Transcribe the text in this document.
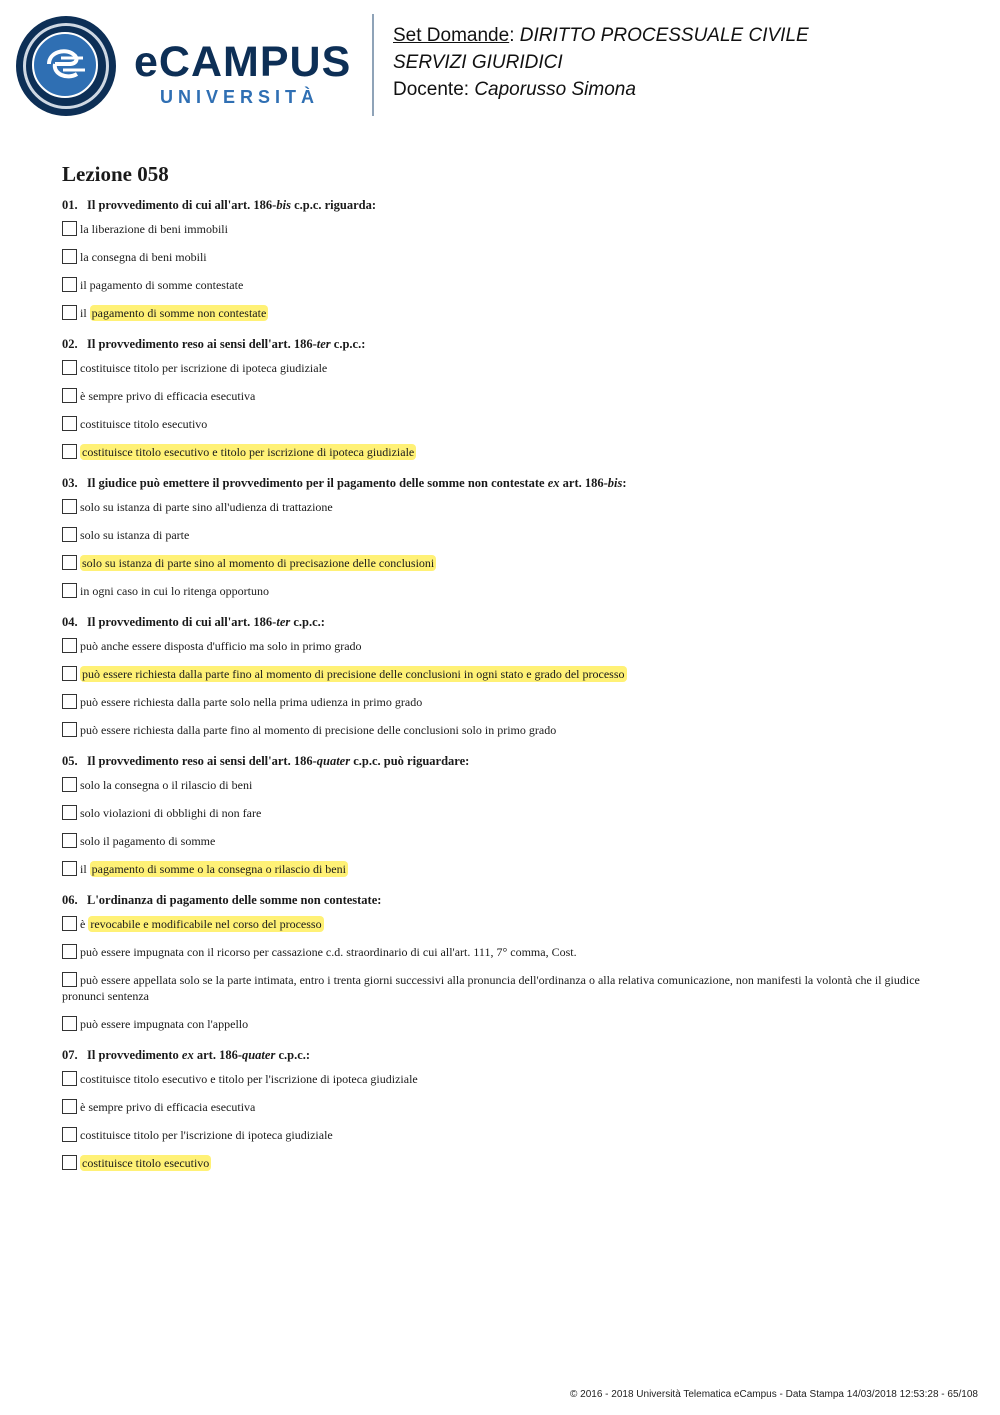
eCAMPUS
UNIVERSITÀ
Set Domande: DIRITTO PROCESSUALE CIVILE
SERVIZI GIURIDICI
Docente: Caporusso Simona
Lezione 058
01. Il provvedimento di cui all'art. 186-bis c.p.c. riguarda:
la liberazione di beni immobili
la consegna di beni mobili
il pagamento di somme contestate
il pagamento di somme non contestate
02. Il provvedimento reso ai sensi dell'art. 186-ter c.p.c.:
costituisce titolo per iscrizione di ipoteca giudiziale
è sempre privo di efficacia esecutiva
costituisce titolo esecutivo
costituisce titolo esecutivo e titolo per iscrizione di ipoteca giudiziale
03. Il giudice può emettere il provvedimento per il pagamento delle somme non contestate ex art. 186-bis:
solo su istanza di parte sino all'udienza di trattazione
solo su istanza di parte
solo su istanza di parte sino al momento di precisazione delle conclusioni
in ogni caso in cui lo ritenga opportuno
04. Il provvedimento di cui all'art. 186-ter c.p.c.:
può anche essere disposta d'ufficio ma solo in primo grado
può essere richiesta dalla parte fino al momento di precisione delle conclusioni in ogni stato e grado del processo
può essere richiesta dalla parte solo nella prima udienza in primo grado
può essere richiesta dalla parte fino al momento di precisione delle conclusioni solo in primo grado
05. Il provvedimento reso ai sensi dell'art. 186-quater c.p.c. può riguardare:
solo la consegna o il rilascio di beni
solo violazioni di obblighi di non fare
solo il pagamento di somme
il pagamento di somme o la consegna o rilascio di beni
06. L'ordinanza di pagamento delle somme non contestate:
è revocabile e modificabile nel corso del processo
può essere impugnata con il ricorso per cassazione c.d. straordinario di cui all'art. 111, 7° comma, Cost.
può essere appellata solo se la parte intimata, entro i trenta giorni successivi alla pronuncia dell'ordinanza o alla relativa comunicazione, non manifesti la volontà che il giudice pronunci sentenza
può essere impugnata con l'appello
07. Il provvedimento ex art. 186-quater c.p.c.:
costituisce titolo esecutivo e titolo per l'iscrizione di ipoteca giudiziale
è sempre privo di efficacia esecutiva
costituisce titolo per l'iscrizione di ipoteca giudiziale
costituisce titolo esecutivo
© 2016 - 2018 Università Telematica eCampus - Data Stampa 14/03/2018 12:53:28 - 65/108
